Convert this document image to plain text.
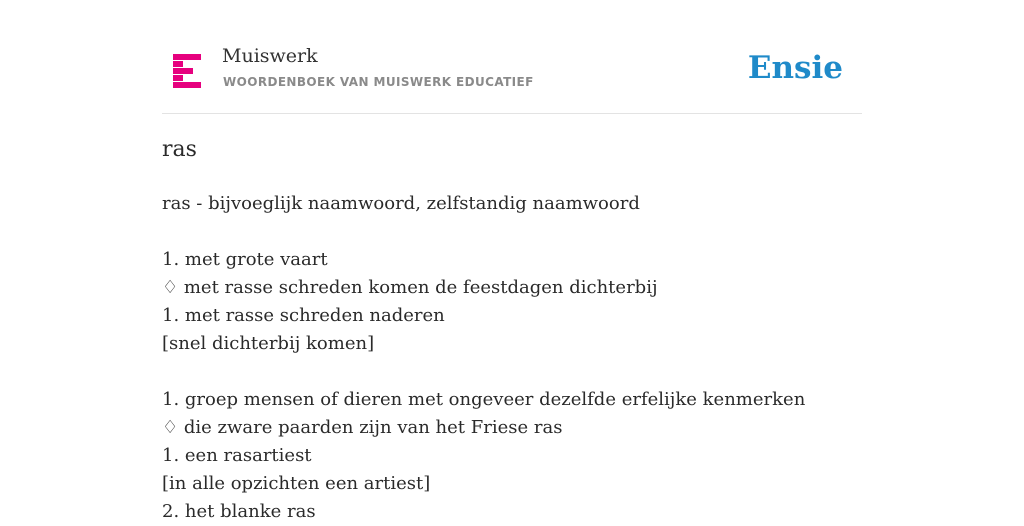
Muiswerk
WOORDENBOEK VAN MUISWERK EDUCATIEF	Ensie
ras
ras - bijvoeglijk naamwoord, zelfstandig naamwoord
1. met grote vaart
♢ met rasse schreden komen de feestdagen dichterbij
1. met rasse schreden naderen
[snel dichterbij komen]
1. groep mensen of dieren met ongeveer dezelfde erfelijke kenmerken
♢ die zware paarden zijn van het Friese ras
1. een rasartiest
[in alle opzichten een artiest]
2. het blanke ras
